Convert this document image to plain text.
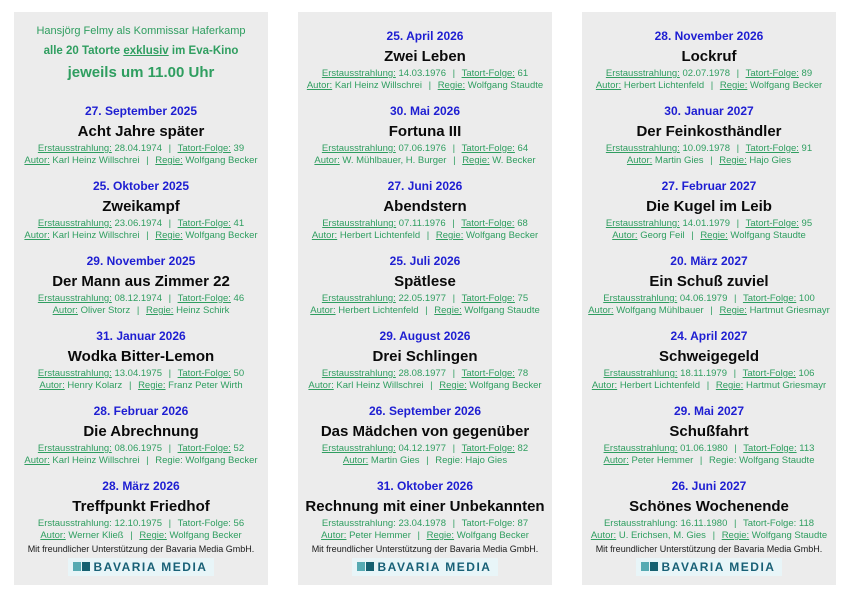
Hansjörg Felmy als Kommissar Haferkamp
alle 20 Tatorte exklusiv im Eva-Kino
jeweils um 11.00 Uhr
27. September 2025
Acht Jahre später
Erstausstrahlung: 28.04.1974 | Tatort-Folge: 39
Autor: Karl Heinz Willschrei | Regie: Wolfgang Becker
25. Oktober 2025
Zweikampf
Erstausstrahlung: 23.06.1974 | Tatort-Folge: 41
Autor: Karl Heinz Willschrei | Regie: Wolfgang Becker
29. November 2025
Der Mann aus Zimmer 22
Erstausstrahlung: 08.12.1974 | Tatort-Folge: 46
Autor: Oliver Storz | Regie: Heinz Schirk
31. Januar 2026
Wodka Bitter-Lemon
Erstausstrahlung: 13.04.1975 | Tatort-Folge: 50
Autor: Henry Kolarz | Regie: Franz Peter Wirth
28. Februar 2026
Die Abrechnung
Erstausstrahlung: 08.06.1975 | Tatort-Folge: 52
Autor: Karl Heinz Willschrei | Regie: Wolfgang Becker
28. März 2026
Treffpunkt Friedhof
Erstausstrahlung: 12.10.1975 | Tatort-Folge: 56
Autor: Werner Kließ | Regie: Wolfgang Becker
Mit freundlicher Unterstützung der Bavaria Media GmbH.
BAVARIA MEDIA
25. April 2026
Zwei Leben
Erstausstrahlung: 14.03.1976 | Tatort-Folge: 61
Autor: Karl Heinz Willschrei | Regie: Wolfgang Staudte
30. Mai 2026
Fortuna III
Erstausstrahlung: 07.06.1976 | Tatort-Folge: 64
Autor: W. Mühlbauer, H. Burger | Regie: W. Becker
27. Juni 2026
Abendstern
Erstausstrahlung: 07.11.1976 | Tatort-Folge: 68
Autor: Herbert Lichtenfeld | Regie: Wolfgang Becker
25. Juli 2026
Spätlese
Erstausstrahlung: 22.05.1977 | Tatort-Folge: 75
Autor: Herbert Lichtenfeld | Regie: Wolfgang Staudte
29. August 2026
Drei Schlingen
Erstausstrahlung: 28.08.1977 | Tatort-Folge: 78
Autor: Karl Heinz Willschrei | Regie: Wolfgang Becker
26. September 2026
Das Mädchen von gegenüber
Erstausstrahlung: 04.12.1977 | Tatort-Folge: 82
Autor: Martin Gies | Regie: Hajo Gies
31. Oktober 2026
Rechnung mit einer Unbekannten
Erstausstrahlung: 23.04.1978 | Tatort-Folge: 87
Autor: Peter Hemmer | Regie: Wolfgang Becker
Mit freundlicher Unterstützung der Bavaria Media GmbH.
BAVARIA MEDIA
28. November 2026
Lockruf
Erstausstrahlung: 02.07.1978 | Tatort-Folge: 89
Autor: Herbert Lichtenfeld | Regie: Wolfgang Becker
30. Januar 2027
Der Feinkosthändler
Erstausstrahlung: 10.09.1978 | Tatort-Folge: 91
Autor: Martin Gies | Regie: Hajo Gies
27. Februar 2027
Die Kugel im Leib
Erstausstrahlung: 14.01.1979 | Tatort-Folge: 95
Autor: Georg Feil | Regie: Wolfgang Staudte
20. März 2027
Ein Schuß zuviel
Erstausstrahlung: 04.06.1979 | Tatort-Folge: 100
Autor: Wolfgang Mühlbauer | Regie: Hartmut Griesmayr
24. April 2027
Schweigegeld
Erstausstrahlung: 18.11.1979 | Tatort-Folge: 106
Autor: Herbert Lichtenfeld | Regie: Hartmut Griesmayr
29. Mai 2027
Schußfahrt
Erstausstrahlung: 01.06.1980 | Tatort-Folge: 113
Autor: Peter Hemmer | Regie: Wolfgang Staudte
26. Juni 2027
Schönes Wochenende
Erstausstrahlung: 16.11.1980 | Tatort-Folge: 118
Autor: U. Erichsen, M. Gies | Regie: Wolfgang Staudte
Mit freundlicher Unterstützung der Bavaria Media GmbH.
BAVARIA MEDIA
